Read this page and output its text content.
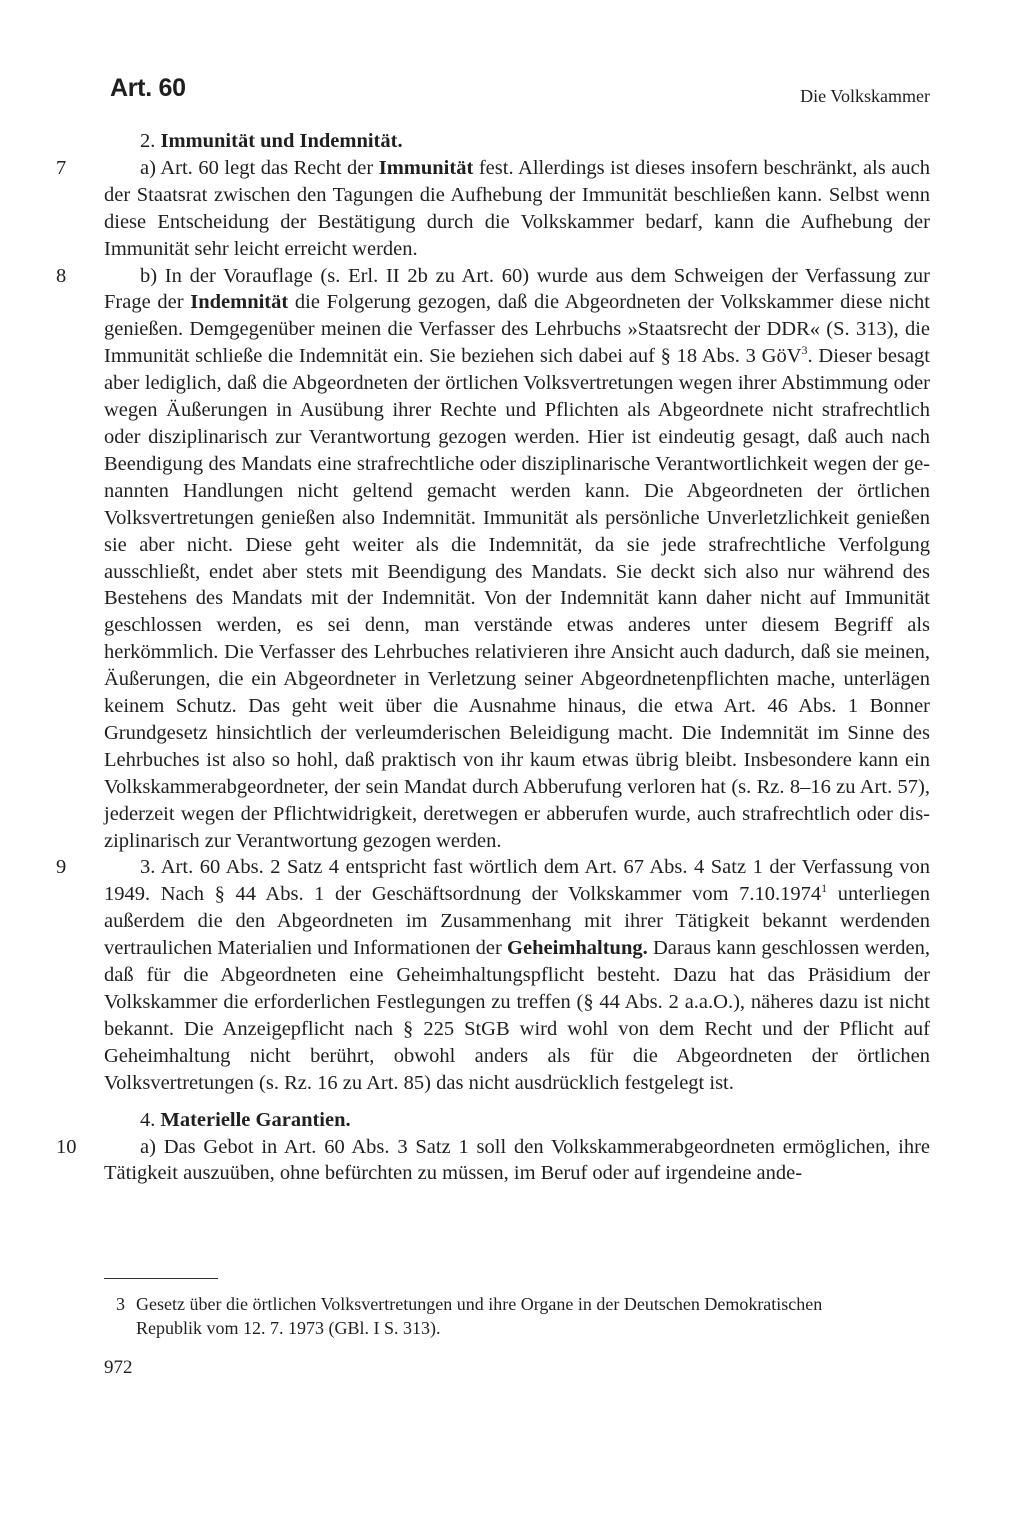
Art. 60	Die Volkskammer

2. Immunität und Indemnität.

7	a) Art. 60 legt das Recht der Immunität fest. Allerdings ist dieses insofern beschränkt, als auch der Staatsrat zwischen den Tagungen die Aufhebung der Immunität beschließen kann. Selbst wenn diese Entscheidung der Bestätigung durch die Volkskammer bedarf, kann die Aufhebung der Immunität sehr leicht erreicht werden.

8	b) In der Vorauflage (s. Erl. II 2b zu Art. 60) wurde aus dem Schweigen der Verfassung zur Frage der Indemnität die Folgerung gezogen, daß die Abgeordneten der Volkskammer diese nicht genießen. Demgegenüber meinen die Verfasser des Lehrbuchs »Staatsrecht der DDR« (S. 313), die Immunität schließe die Indemnität ein. Sie beziehen sich dabei auf § 18 Abs. 3 GöV$^3$. Dieser besagt aber lediglich, daß die Abgeordneten der örtlichen Volksvertretungen wegen ihrer Abstimmung oder wegen Äußerungen in Ausübung ihrer Rechte und Pflichten als Abgeordnete nicht strafrechtlich oder disziplinarisch zur Verantwortung gezogen werden. Hier ist eindeutig gesagt, daß auch nach Beendigung des Mandats eine strafrechtliche oder disziplinarische Verantwortlichkeit wegen der genannten Handlungen nicht geltend gemacht werden kann. Die Abgeordneten der örtlichen Volksvertretungen genießen also Indemnität. Immunität als persönliche Unverletzlichkeit genießen sie aber nicht. Diese geht weiter als die Indemnität, da sie jede strafrechtliche Verfolgung ausschließt, endet aber stets mit Beendigung des Mandats. Sie deckt sich also nur während des Bestehens des Mandats mit der Indemnität. Von der Indemnität kann daher nicht auf Immunität geschlossen werden, es sei denn, man verstände etwas anderes unter diesem Begriff als herkömmlich. Die Verfasser des Lehrbuches relativieren ihre Ansicht auch dadurch, daß sie meinen, Äußerungen, die ein Abgeordneter in Verletzung seiner Abgeordnetenpflichten mache, unterlägen keinem Schutz. Das geht weit über die Ausnahme hinaus, die etwa Art. 46 Abs. 1 Bonner Grundgesetz hinsichtlich der verleumderischen Beleidigung macht. Die Indemnität im Sinne des Lehrbuches ist also so hohl, daß praktisch von ihr kaum etwas übrig bleibt. Insbesondere kann ein Volkskammerabgeordneter, der sein Mandat durch Abberufung verloren hat (s. Rz. 8–16 zu Art. 57), jederzeit wegen der Pflichtwidrigkeit, deretwegen er abberufen wurde, auch strafrechtlich oder disziplinarisch zur Verantwortung gezogen werden.

9	3. Art. 60 Abs. 2 Satz 4 entspricht fast wörtlich dem Art. 67 Abs. 4 Satz 1 der Verfassung von 1949. Nach § 44 Abs. 1 der Geschäftsordnung der Volkskammer vom 7.10.1974$^1$ unterliegen außerdem die den Abgeordneten im Zusammenhang mit ihrer Tätigkeit bekannt werdenden vertraulichen Materialien und Informationen der Geheimhaltung. Daraus kann geschlossen werden, daß für die Abgeordneten eine Geheimhaltungspflicht besteht. Dazu hat das Präsidium der Volkskammer die erforderlichen Festlegungen zu treffen (§ 44 Abs. 2 a.a.O.), näheres dazu ist nicht bekannt. Die Anzeigepflicht nach § 225 StGB wird wohl von dem Recht und der Pflicht auf Geheimhaltung nicht berührt, obwohl anders als für die Abgeordneten der örtlichen Volksvertretungen (s. Rz. 16 zu Art. 85) das nicht ausdrücklich festgelegt ist.

4. Materielle Garantien.

10	a) Das Gebot in Art. 60 Abs. 3 Satz 1 soll den Volkskammerabgeordneten ermöglichen, ihre Tätigkeit auszuüben, ohne befürchten zu müssen, im Beruf oder auf irgendeine ande-

3 Gesetz über die örtlichen Volksvertretungen und ihre Organe in der Deutschen Demokratischen
Republik vom 12. 7. 1973 (GBl. I S. 313).
972
